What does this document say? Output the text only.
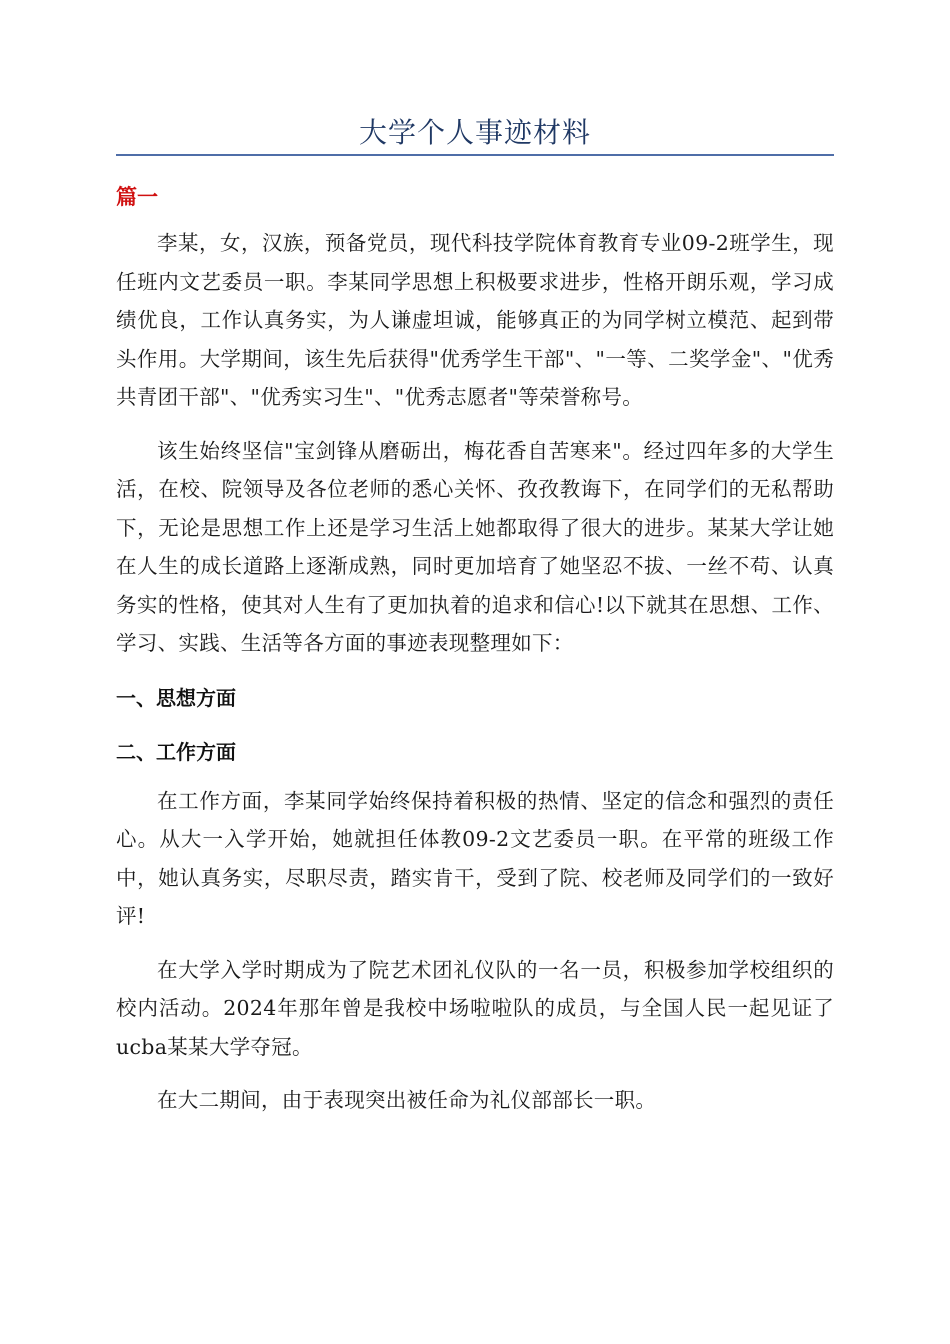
大学个人事迹材料
篇一

李某，女，汉族，预备党员，现代科技学院体育教育专业09-2班学生，现任班内文艺委员一职。李某同学思想上积极要求进步，性格开朗乐观，学习成绩优良，工作认真务实，为人谦虚坦诚，能够真正的为同学树立模范、起到带头作用。大学期间，该生先后获得"优秀学生干部"、"一等、二奖学金"、"优秀共青团干部"、"优秀实习生"、"优秀志愿者"等荣誉称号。

该生始终坚信"宝剑锋从磨砺出，梅花香自苦寒来"。经过四年多的大学生活，在校、院领导及各位老师的悉心关怀、孜孜教诲下，在同学们的无私帮助下，无论是思想工作上还是学习生活上她都取得了很大的进步。某某大学让她在人生的成长道路上逐渐成熟，同时更加培育了她坚忍不拔、一丝不苟、认真务实的性格，使其对人生有了更加执着的追求和信心!以下就其在思想、工作、学习、实践、生活等各方面的事迹表现整理如下：

一、思想方面
二、工作方面

在工作方面，李某同学始终保持着积极的热情、坚定的信念和强烈的责任心。从大一入学开始，她就担任体教09-2文艺委员一职。在平常的班级工作中，她认真务实，尽职尽责，踏实肯干，受到了院、校老师及同学们的一致好评!

在大学入学时期成为了院艺术团礼仪队的一名一员，积极参加学校组织的校内活动。2024年那年曾是我校中场啦啦队的成员，与全国人民一起见证了ucba某某大学夺冠。

在大二期间，由于表现突出被任命为礼仪部部长一职。
